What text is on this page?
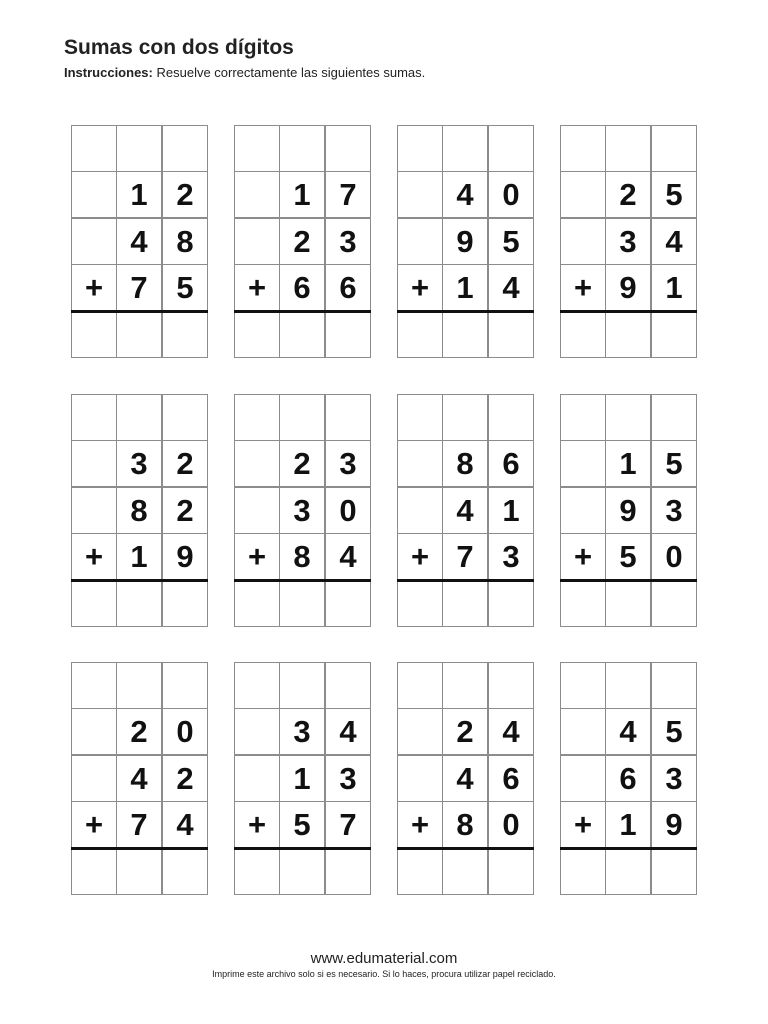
Sumas con dos dígitos
Instrucciones: Resuelve correctamente las siguientes sumas.
1 2
4 8
+ 7 5
1 7
2 3
+ 6 6
4 0
9 5
+ 1 4
2 5
3 4
+ 9 1
3 2
8 2
+ 1 9
2 3
3 0
+ 8 4
8 6
4 1
+ 7 3
1 5
9 3
+ 5 0
2 0
4 2
+ 7 4
3 4
1 3
+ 5 7
2 4
4 6
+ 8 0
4 5
6 3
+ 1 9
www.edumaterial.com
Imprime este archivo solo si es necesario. Si lo haces, procura utilizar papel reciclado.
